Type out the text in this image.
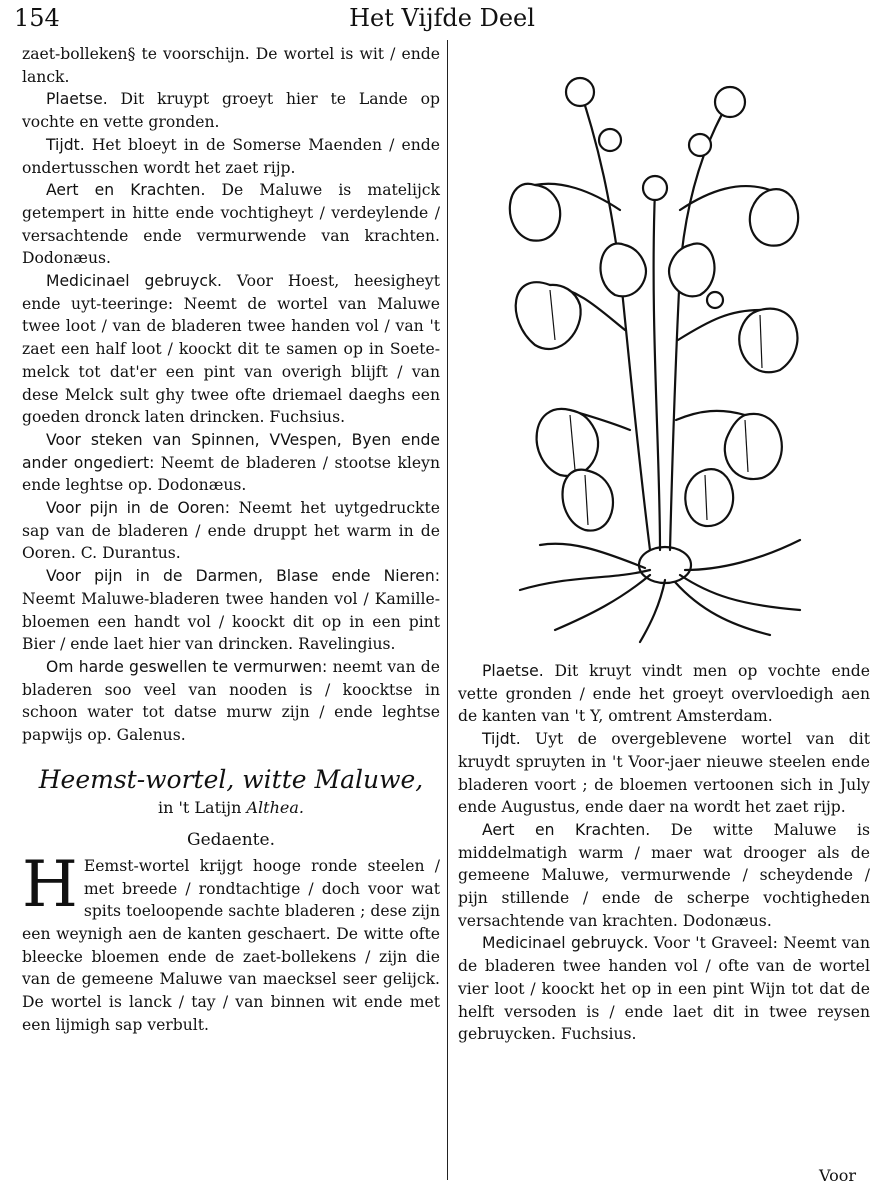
154	Het Vijfde Deel

zaet-bolleken§ te voorschijn. De wortel is wit / ende lanck.

Plaetse. Dit kruypt groeyt hier te Lande op vochte en vette gronden.

Tijdt. Het bloeyt in de Somerse Maenden / ende ondertusschen wordt het zaet rijp.

Aert en Krachten. De Maluwe is matelijck getempert in hitte ende vochtigheyt / verdeylende / versachtende ende vermurwende van krachten. Dodonæus.

Medicinael gebruyck. Voor Hoest, heesigheyt ende uyt-teeringe: Neemt de wortel van Maluwe twee loot / van de bladeren twee handen vol / van 't zaet een half loot / koockt dit te samen op in Soete-melck tot dat'er een pint van overigh blijft / van dese Melck sult ghy twee ofte driemael daeghs een goeden dronck laten drincken. Fuchsius.

Voor steken van Spinnen, VVespen, Byen ende ander ongediert: Neemt de bladeren / stootse kleyn ende leghtse op. Dodonæus.

Voor pijn in de Ooren: Neemt het uytgedruckte sap van de bladeren / ende druppt het warm in de Ooren. C. Durantus.

Voor pijn in de Darmen, Blase ende Nieren: Neemt Maluwe-bladeren twee handen vol / Kamille-bloemen een handt vol / koockt dit op in een pint Bier / ende laet hier van drincken. Ravelingius.

Om harde geswellen te vermurwen: neemt van de bladeren soo veel van nooden is / koocktse in schoon water tot datse murw zijn / ende leghtse papwijs op. Galenus.

Heemst-wortel, witte Maluwe,
in 't Latijn Althea.
Gedaente.

H Eemst-wortel krijgt hooge ronde steelen / met breede / rondtachtige / doch voor wat spits toeloopende sachte bladeren ; dese zijn een weynigh aen de kanten geschaert. De witte ofte bleecke bloemen ende de zaet-bollekens / zijn die van de gemeene Maluwe van maecksel seer gelijck. De wortel is lanck / tay / van binnen wit ende met een lijmigh sap verbult.

Plaetse. Dit kruyt vindt men op vochte ende vette gronden / ende het groeyt overvloedigh aen de kanten van 't Y, omtrent Amsterdam.

Tijdt. Uyt de overgeblevene wortel van dit kruydt spruyten in 't Voor-jaer nieuwe steelen ende bladeren voort ; de bloemen vertoonen sich in July ende Augustus, ende daer na wordt het zaet rijp.

Aert en Krachten. De witte Maluwe is middelmatigh warm / maer wat drooger als de gemeene Maluwe, vermurwende / scheydende / pijn stillende / ende de scherpe vochtigheden versachtende van krachten. Dodonæus.

Medicinael gebruyck. Voor 't Graveel: Neemt van de bladeren twee handen vol / ofte van de wortel vier loot / koockt het op in een pint Wijn tot dat de helft versoden is / ende laet dit in twee reysen gebruycken. Fuchsius.

Voor
